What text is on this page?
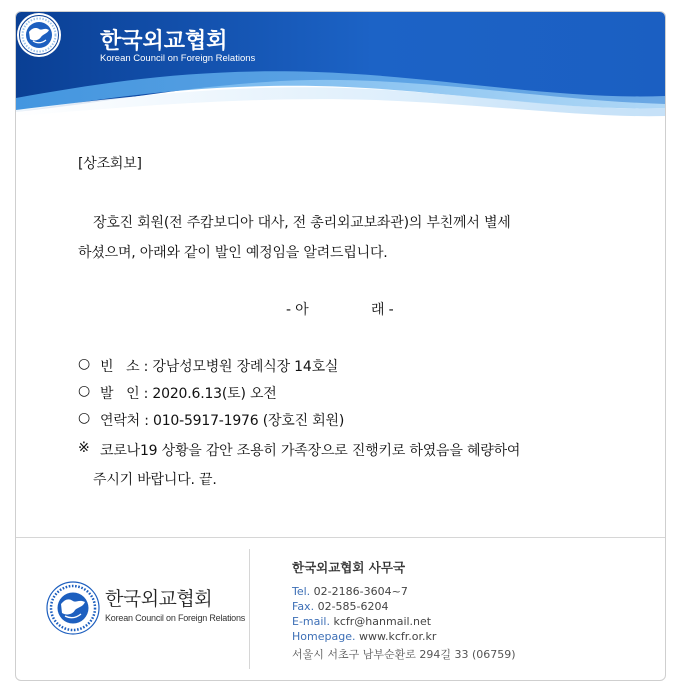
한국외교협회
Korean Council on Foreign Relations
[상조회보]
장호진 회원(전 주캄보디아 대사, 전 총리외교보좌관)의 부친께서 별세
하셨으며, 아래와 같이 발인 예정임을 알려드립니다.
- 아	래 -
○ 빈   소 : 강남성모병원 장례식장 14호실
○ 발   인 : 2020.6.13(토) 오전
○ 연락처 : 010-5917-1976 (장호진 회원)
※ 코로나19 상황을 감안 조용히 가족장으로 진행키로 하였음을 혜량하여
주시기 바랍니다. 끝.
한국외교협회
Korean Council on Foreign Relations
한국외교협회 사무국
Tel. 02-2186-3604~7
Fax. 02-585-6204
E-mail. kcfr@hanmail.net
Homepage. www.kcfr.or.kr
서울시 서초구 남부순환로 294길 33 (06759)
